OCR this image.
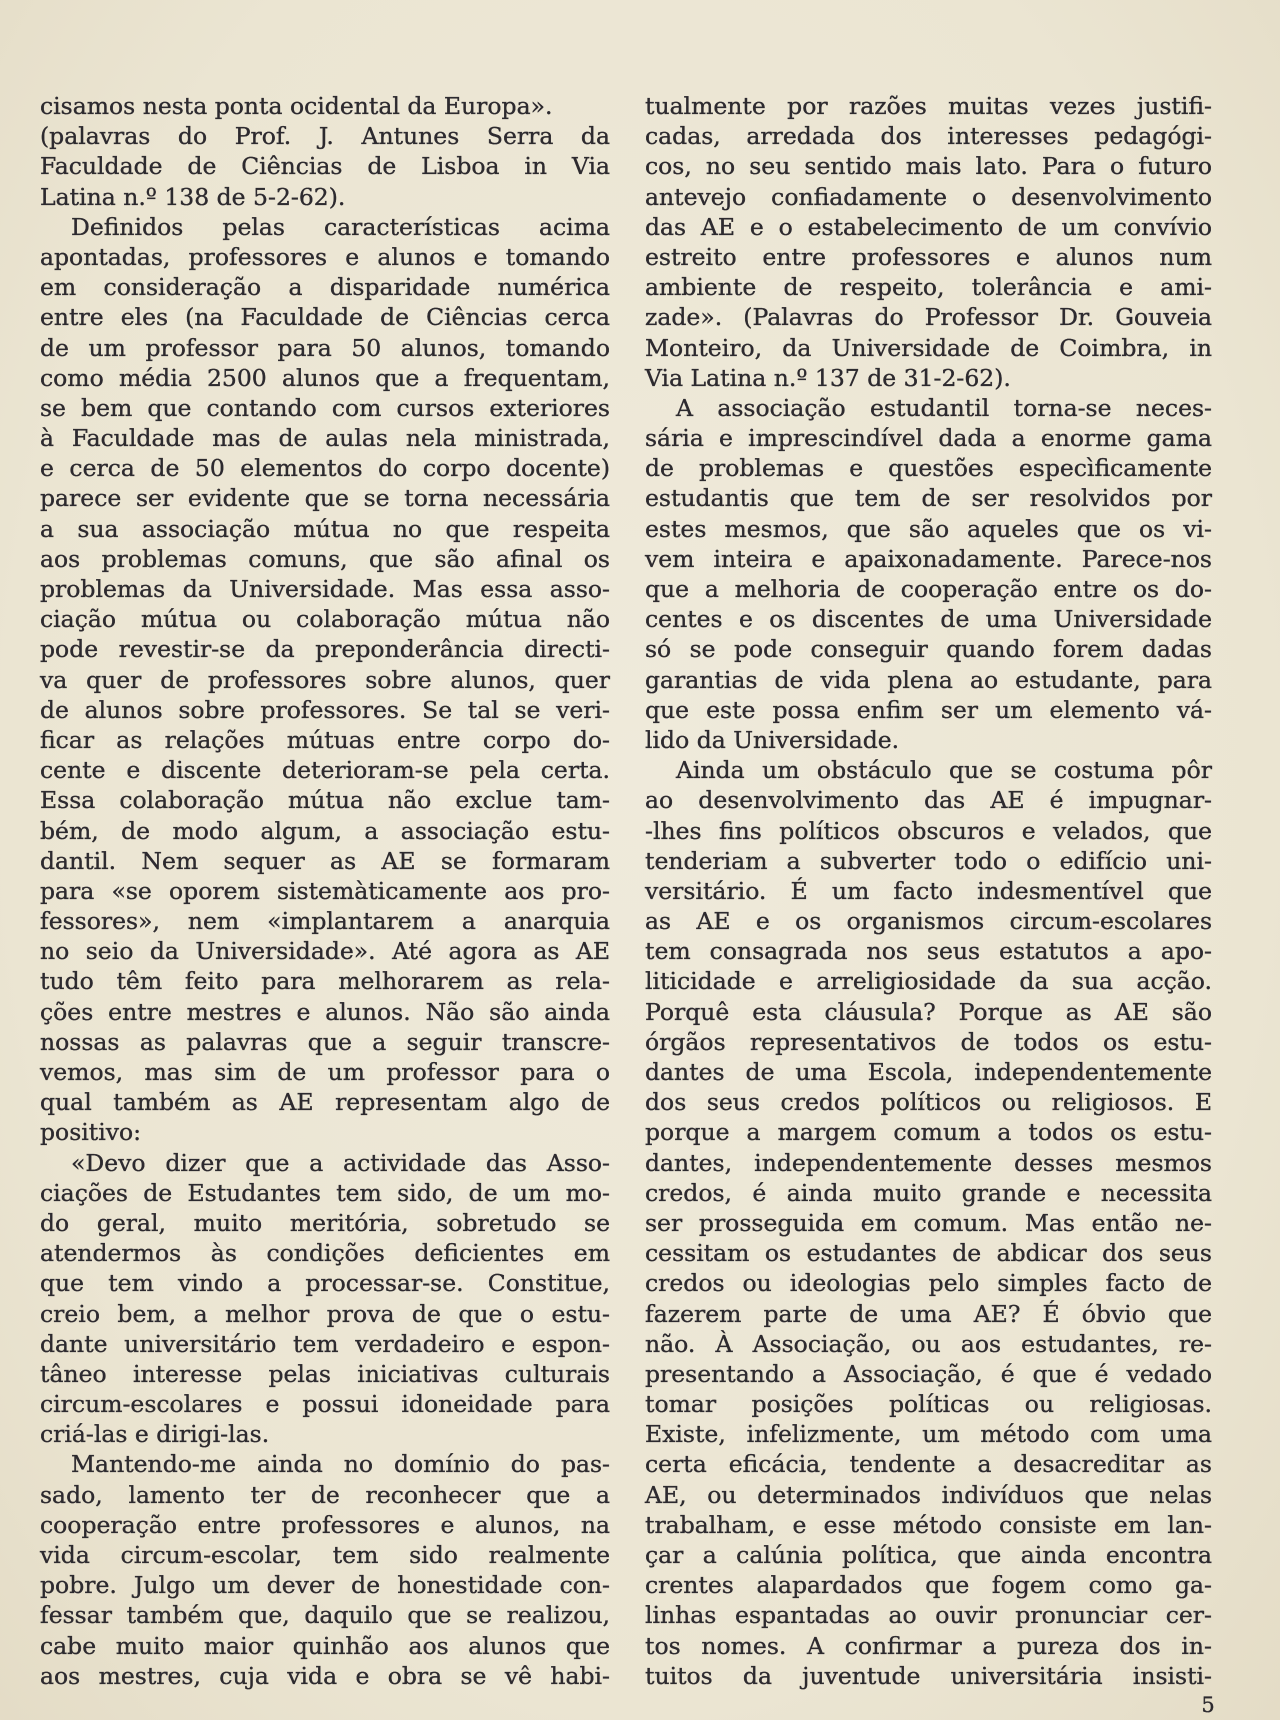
cisamos nesta ponta ocidental da Europa».
(palavras do Prof. J. Antunes Serra da
Faculdade de Ciências de Lisboa in Via
Latina n.º 138 de 5-2-62).
Definidos pelas características acima
apontadas, professores e alunos e tomando
em consideração a disparidade numérica
entre eles (na Faculdade de Ciências cerca
de um professor para 50 alunos, tomando
como média 2500 alunos que a frequentam,
se bem que contando com cursos exteriores
à Faculdade mas de aulas nela ministrada,
e cerca de 50 elementos do corpo docente)
parece ser evidente que se torna necessária
a sua associação mútua no que respeita
aos problemas comuns, que são afinal os
problemas da Universidade. Mas essa asso-
ciação mútua ou colaboração mútua não
pode revestir-se da preponderância directi-
va quer de professores sobre alunos, quer
de alunos sobre professores. Se tal se veri-
ficar as relações mútuas entre corpo do-
cente e discente deterioram-se pela certa.
Essa colaboração mútua não exclue tam-
bém, de modo algum, a associação estu-
dantil. Nem sequer as AE se formaram
para «se oporem sistemàticamente aos pro-
fessores», nem «implantarem a anarquia
no seio da Universidade». Até agora as AE
tudo têm feito para melhorarem as rela-
ções entre mestres e alunos. Não são ainda
nossas as palavras que a seguir transcre-
vemos, mas sim de um professor para o
qual também as AE representam algo de
positivo:
«Devo dizer que a actividade das Asso-
ciações de Estudantes tem sido, de um mo-
do geral, muito meritória, sobretudo se
atendermos às condições deficientes em
que tem vindo a processar-se. Constitue,
creio bem, a melhor prova de que o estu-
dante universitário tem verdadeiro e espon-
tâneo interesse pelas iniciativas culturais
circum-escolares e possui idoneidade para
criá-las e dirigi-las.
Mantendo-me ainda no domínio do pas-
sado, lamento ter de reconhecer que a
cooperação entre professores e alunos, na
vida circum-escolar, tem sido realmente
pobre. Julgo um dever de honestidade con-
fessar também que, daquilo que se realizou,
cabe muito maior quinhão aos alunos que
aos mestres, cuja vida e obra se vê habi-
tualmente por razões muitas vezes justifi-
cadas, arredada dos interesses pedagógi-
cos, no seu sentido mais lato. Para o futuro
antevejo confiadamente o desenvolvimento
das AE e o estabelecimento de um convívio
estreito entre professores e alunos num
ambiente de respeito, tolerância e ami-
zade». (Palavras do Professor Dr. Gouveia
Monteiro, da Universidade de Coimbra, in
Via Latina n.º 137 de 31-2-62).
A associação estudantil torna-se neces-
sária e imprescindível dada a enorme gama
de problemas e questões especìficamente
estudantis que tem de ser resolvidos por
estes mesmos, que são aqueles que os vi-
vem inteira e apaixonadamente. Parece-nos
que a melhoria de cooperação entre os do-
centes e os discentes de uma Universidade
só se pode conseguir quando forem dadas
garantias de vida plena ao estudante, para
que este possa enfim ser um elemento vá-
lido da Universidade.
Ainda um obstáculo que se costuma pôr
ao desenvolvimento das AE é impugnar-
-lhes fins políticos obscuros e velados, que
tenderiam a subverter todo o edifício uni-
versitário. É um facto indesmentível que
as AE e os organismos circum-escolares
tem consagrada nos seus estatutos a apo-
liticidade e arreligiosidade da sua acção.
Porquê esta cláusula? Porque as AE são
órgãos representativos de todos os estu-
dantes de uma Escola, independentemente
dos seus credos políticos ou religiosos. E
porque a margem comum a todos os estu-
dantes, independentemente desses mesmos
credos, é ainda muito grande e necessita
ser prosseguida em comum. Mas então ne-
cessitam os estudantes de abdicar dos seus
credos ou ideologias pelo simples facto de
fazerem parte de uma AE? É óbvio que
não. À Associação, ou aos estudantes, re-
presentando a Associação, é que é vedado
tomar posições políticas ou religiosas.
Existe, infelizmente, um método com uma
certa eficácia, tendente a desacreditar as
AE, ou determinados indivíduos que nelas
trabalham, e esse método consiste em lan-
çar a calúnia política, que ainda encontra
crentes alapardados que fogem como ga-
linhas espantadas ao ouvir pronunciar cer-
tos nomes. A confirmar a pureza dos in-
tuitos da juventude universitária insisti-
5
